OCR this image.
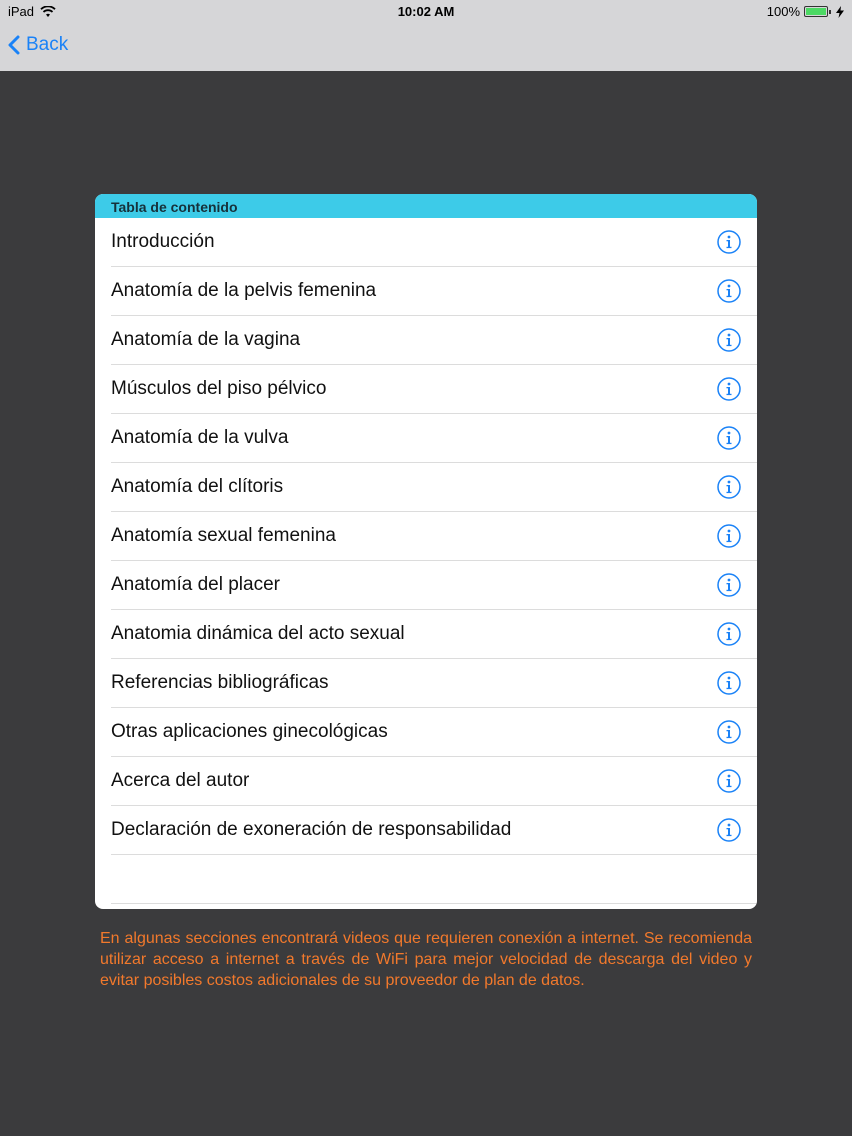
iPad	10:02 AM	100%
Back
Tabla de contenido
Introducción
Anatomía de la pelvis femenina
Anatomía de la vagina
Músculos del piso pélvico
Anatomía de la vulva
Anatomía del clítoris
Anatomía sexual femenina
Anatomía del placer
Anatomia dinámica del acto sexual
Referencias bibliográficas
Otras aplicaciones ginecológicas
Acerca del autor
Declaración de exoneración de responsabilidad
En algunas secciones encontrará videos que requieren conexión a internet. Se recomienda utilizar acceso a internet a través de WiFi para mejor velocidad de descarga del video y evitar posibles costos adicionales de su proveedor de plan de datos.
